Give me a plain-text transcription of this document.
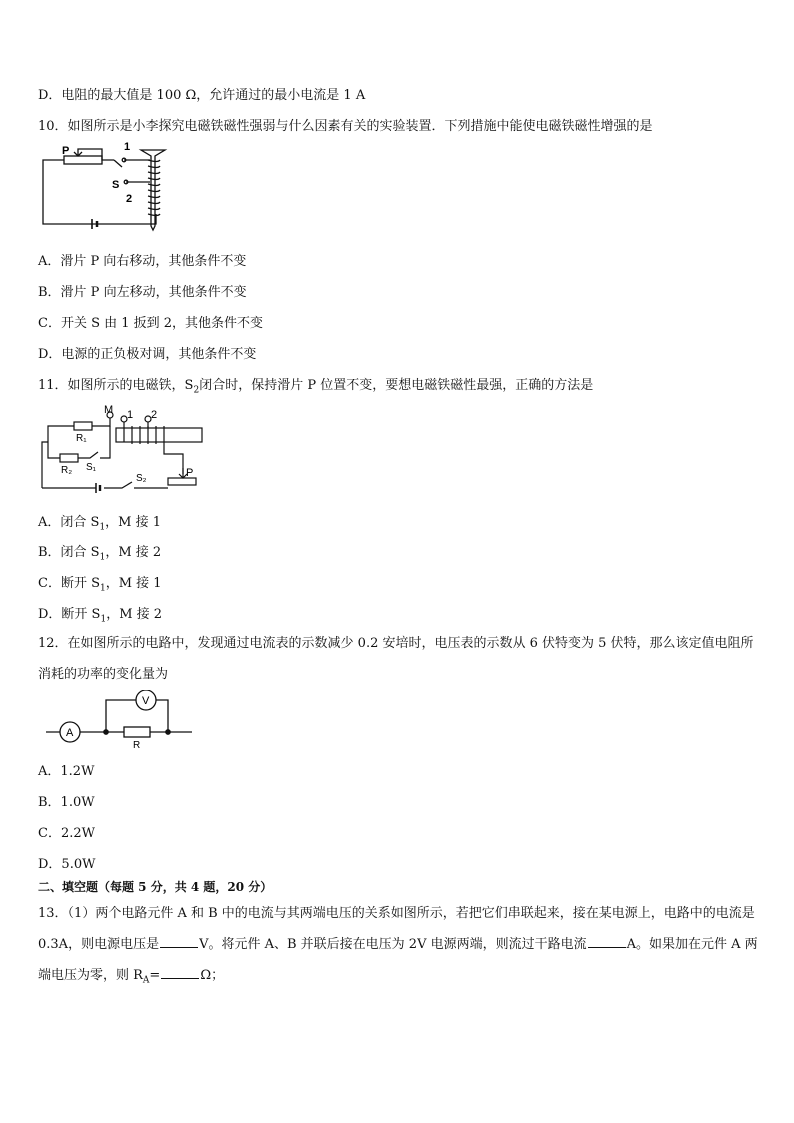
D．电阻的最大值是 100 Ω，允许通过的最小电流是 1 A
10．如图所示是小李探究电磁铁磁性强弱与什么因素有关的实验装置．下列措施中能使电磁铁磁性增强的是
P	1
S
2
A．滑片 P 向右移动，其他条件不变
B．滑片 P 向左移动，其他条件不变
C．开关 S 由 1 扳到 2，其他条件不变
D．电源的正负极对调，其他条件不变
11．如图所示的电磁铁，$S_2$闭合时，保持滑片 P 位置不变，要想电磁铁磁性最强，正确的方法是
M 1 2
R₁
R₂ S₁
S₂	P
A．闭合 $S_1$，M 接 1
B．闭合 $S_1$，M 接 2
C．断开 $S_1$，M 接 1
D．断开 $S_1$，M 接 2
12．在如图所示的电路中，发现通过电流表的示数减少 0.2 安培时，电压表的示数从 6 伏特变为 5 伏特，那么该定值电阻所消耗的功率的变化量为
A
V
R
A．1.2W
B．1.0W
C．2.2W
D．5.0W
二、填空题（每题 5 分，共 4 题，20 分）
13．（1）两个电路元件 A 和 B 中的电流与其两端电压的关系如图所示，若把它们串联起来，接在某电源上，电路中的电流是 0.3A，则电源电压是	V。将元件 A、B 并联后接在电压为 2V 电源两端，则流过干路电流	A。如果加在元件 A 两端电压为零，则 $R_A=$	Ω；
